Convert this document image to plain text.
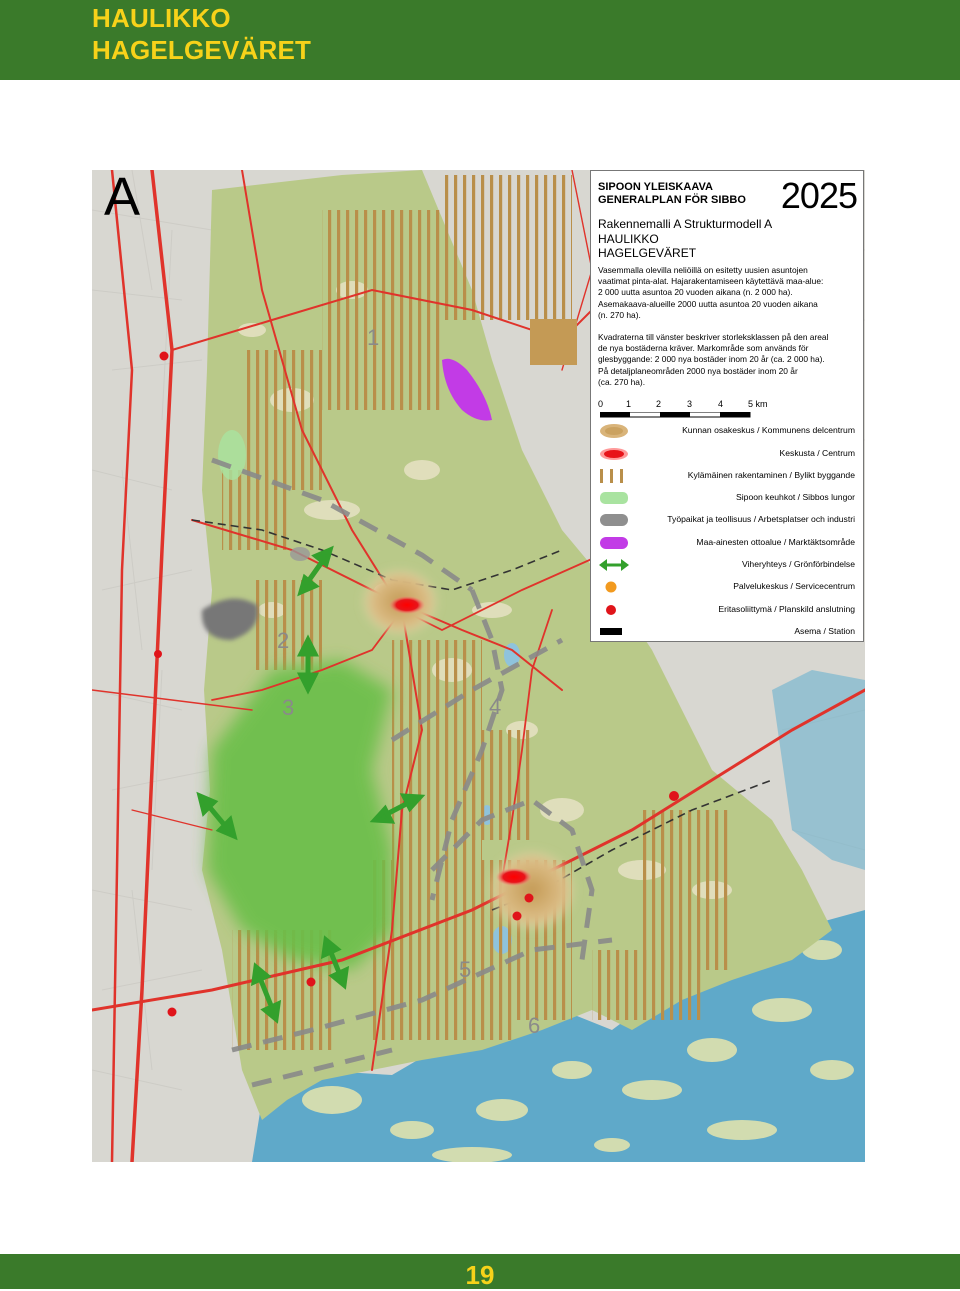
HAULIKKO
HAGELGEVÄRET
A
1
2
3	4
5
6
SIPOON YLEISKAAVA
GENERALPLAN FÖR SIBBO 2025
Rakennemalli A Strukturmodell A
HAULIKKO
HAGELGEVÄRET
Vasemmalla olevilla neliöillä on esitetty uusien asuntojen
vaatimat pinta-alat. Hajarakentamiseen käytettävä maa-alue:
2 000 uutta asuntoa 20 vuoden aikana (n. 2 000 ha).
Asemakaava-alueille 2000 uutta asuntoa 20 vuoden aikana
(n. 270 ha).
Kvadraterna till vänster beskriver storleksklassen på den areal
de nya bostäderna kräver. Markområde som används för
glesbyggande: 2 000 nya bostäder inom 20 år (ca. 2 000 ha).
På detaljplaneområden 2000 nya bostäder inom 20 år
(ca. 270 ha).
0	1	2	3	4	5 km
Kunnan osakeskus / Kommunens delcentrum
Keskusta / Centrum
Kylämäinen rakentaminen / Bylikt byggande
Sipoon keuhkot / Sibbos lungor
Työpaikat ja teollisuus / Arbetsplatser och industri
Maa-ainesten ottoalue / Marktäktsområde
Viheryhteys / Grönförbindelse
Palvelukeskus / Servicecentrum
Eritasoliittymä / Planskild anslutning
Asema / Station
19
